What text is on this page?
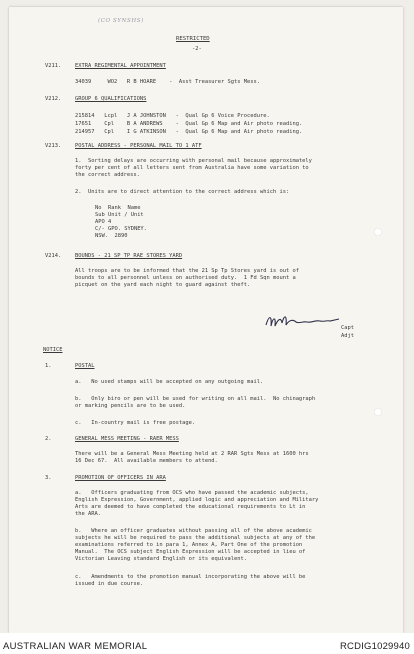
(CO SYNSHS)
RESTRICTED
-2-
V211.	EXTRA REGIMENTAL APPOINTMENT
34039     WO2   R B HOARE    -  Asst Treasurer Sgts Mess.
V212.	GROUP 6 QUALIFICATIONS
215814   Lcpl   J A JOHNSTON   -  Qual Gp 6 Voice Procedure.
17651    Cpl    B A ANDREWS    -  Qual Gp 6 Map and Air photo reading.
214957   Cpl    I G ATKINSON   -  Qual Gp 6 Map and Air photo reading.
V213.	POSTAL ADDRESS - PERSONAL MAIL TO 1 ATF
1.  Sorting delays are occurring with personal mail because approximately
forty per cent of all letters sent from Australia have some variation to
the correct address.
2.  Units are to direct attention to the correct address which is:
No  Rank  Name
Sub Unit / Unit
APO 4
C/- GPO. SYDNEY.
NSW.  2890
V214.	BOUNDS - 21 SP TP RAE STORES YARD
All troops are to be informed that the 21 Sp Tp Stores yard is out of
bounds to all personnel unless on authorised duty.  1 Fd Sqn mount a
picquet on the yard each night to guard against theft.
Capt
Adjt
NOTICE
1.	POSTAL
a.   No used stamps will be accepted on any outgoing mail.
b.   Only biro or pen will be used for writing on all mail.  No chinagraph
or marking pencils are to be used.
c.   In-country mail is free postage.
2.	GENERAL MESS MEETING - RAER MESS
There will be a General Mess Meeting held at 2 RAR Sgts Mess at 1600 hrs
16 Dec 67.  All available members to attend.
3.	PROMOTION OF OFFICERS IN ARA
a.   Officers graduating from OCS who have passed the academic subjects,
English Expression, Government, applied logic and appreciation and Military
Arts are deemed to have completed the educational requirements to Lt in
the ARA.
b.   Where an officer graduates without passing all of the above academic
subjects he will be required to pass the additional subjects at any of the
examinations referred to in para 1, Annex A, Part One of the promotion
Manual.  The OCS subject English Expression will be accepted in lieu of
Victorian Leaving standard English or its equivalent.
c.   Amendments to the promotion manual incorporating the above will be
issued in due course.
AUSTRALIAN WAR MEMORIAL	RCDIG1029940
